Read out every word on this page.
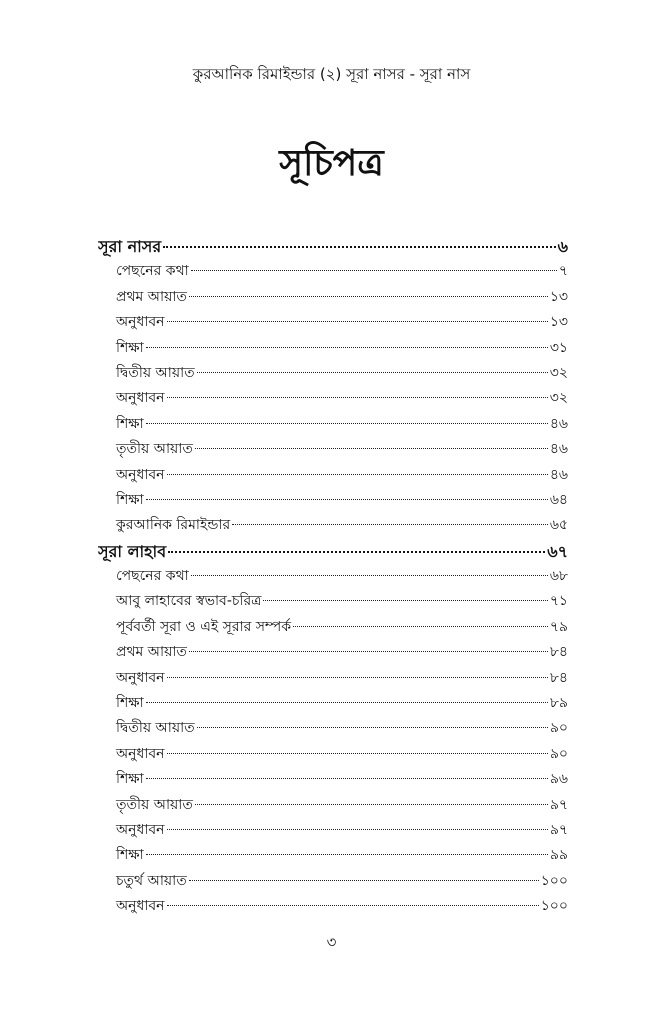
কুরআনিক রিমাইন্ডার (২) সূরা নাসর - সূরা নাস
সূচিপত্র
সূরা নাসর	৬
পেছনের কথা	৭
প্রথম আয়াত	১৩
অনুধাবন	১৩
শিক্ষা	৩১
দ্বিতীয় আয়াত	৩২
অনুধাবন	৩২
শিক্ষা	৪৬
তৃতীয় আয়াত	৪৬
অনুধাবন	৪৬
শিক্ষা	৬৪
কুরআনিক রিমাইন্ডার	৬৫
সূরা লাহাব	৬৭
পেছনের কথা	৬৮
আবু লাহাবের স্বভাব-চরিত্র	৭১
পূর্ববর্তী সূরা ও এই সূরার সম্পর্ক	৭৯
প্রথম আয়াত	৮৪
অনুধাবন	৮৪
শিক্ষা	৮৯
দ্বিতীয় আয়াত	৯০
অনুধাবন	৯০
শিক্ষা	৯৬
তৃতীয় আয়াত	৯৭
অনুধাবন	৯৭
শিক্ষা	৯৯
চতুর্থ আয়াত	১০০
অনুধাবন	১০০
৩
